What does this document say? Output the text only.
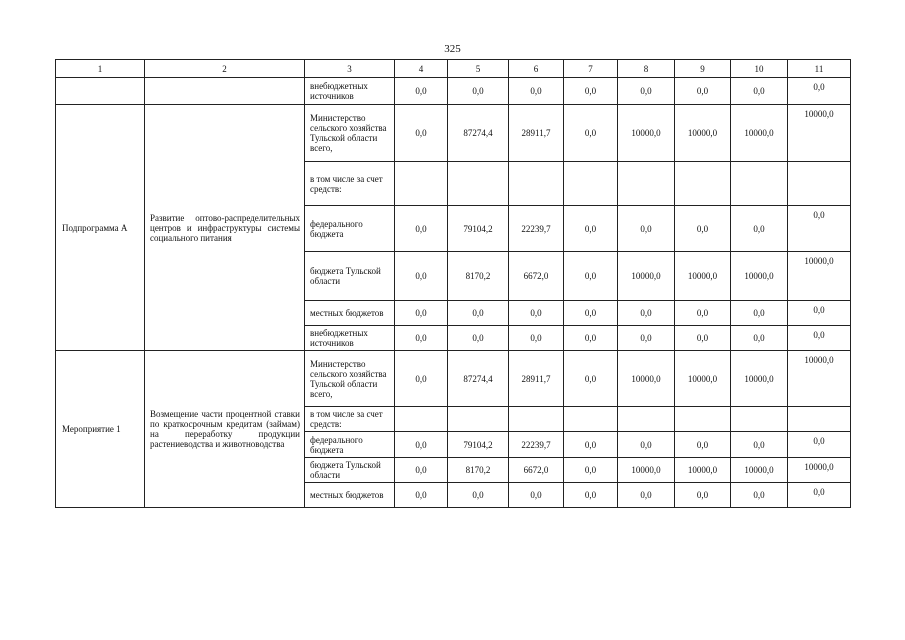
325
1	2	3	4	5	6	7	8	9	10	11
		внебюджетных источников	0,0	0,0	0,0	0,0	0,0	0,0	0,0	0,0
Подпрограмма А	Развитие оптово-распределительных центров и инфраструктуры системы социального питания	Министерство сельского хозяйства Тульской области всего,	0,0	87274,4	28911,7	0,0	10000,0	10000,0	10000,0	10000,0
		в том числе за счет средств:								
		федерального бюджета	0,0	79104,2	22239,7	0,0	0,0	0,0	0,0	0,0
		бюджета Тульской области	0,0	8170,2	6672,0	0,0	10000,0	10000,0	10000,0	10000,0
		местных бюджетов	0,0	0,0	0,0	0,0	0,0	0,0	0,0	0,0
		внебюджетных источников	0,0	0,0	0,0	0,0	0,0	0,0	0,0	0,0
Мероприятие 1	Возмещение части процентной ставки по краткосрочным кредитам (займам) на переработку продукции растениеводства и животноводства	Министерство сельского хозяйства Тульской области всего,	0,0	87274,4	28911,7	0,0	10000,0	10000,0	10000,0	10000,0
		в том числе за счет средств:								
		федерального бюджета	0,0	79104,2	22239,7	0,0	0,0	0,0	0,0	0,0
		бюджета Тульской области	0,0	8170,2	6672,0	0,0	10000,0	10000,0	10000,0	10000,0
		местных бюджетов	0,0	0,0	0,0	0,0	0,0	0,0	0,0	0,0
